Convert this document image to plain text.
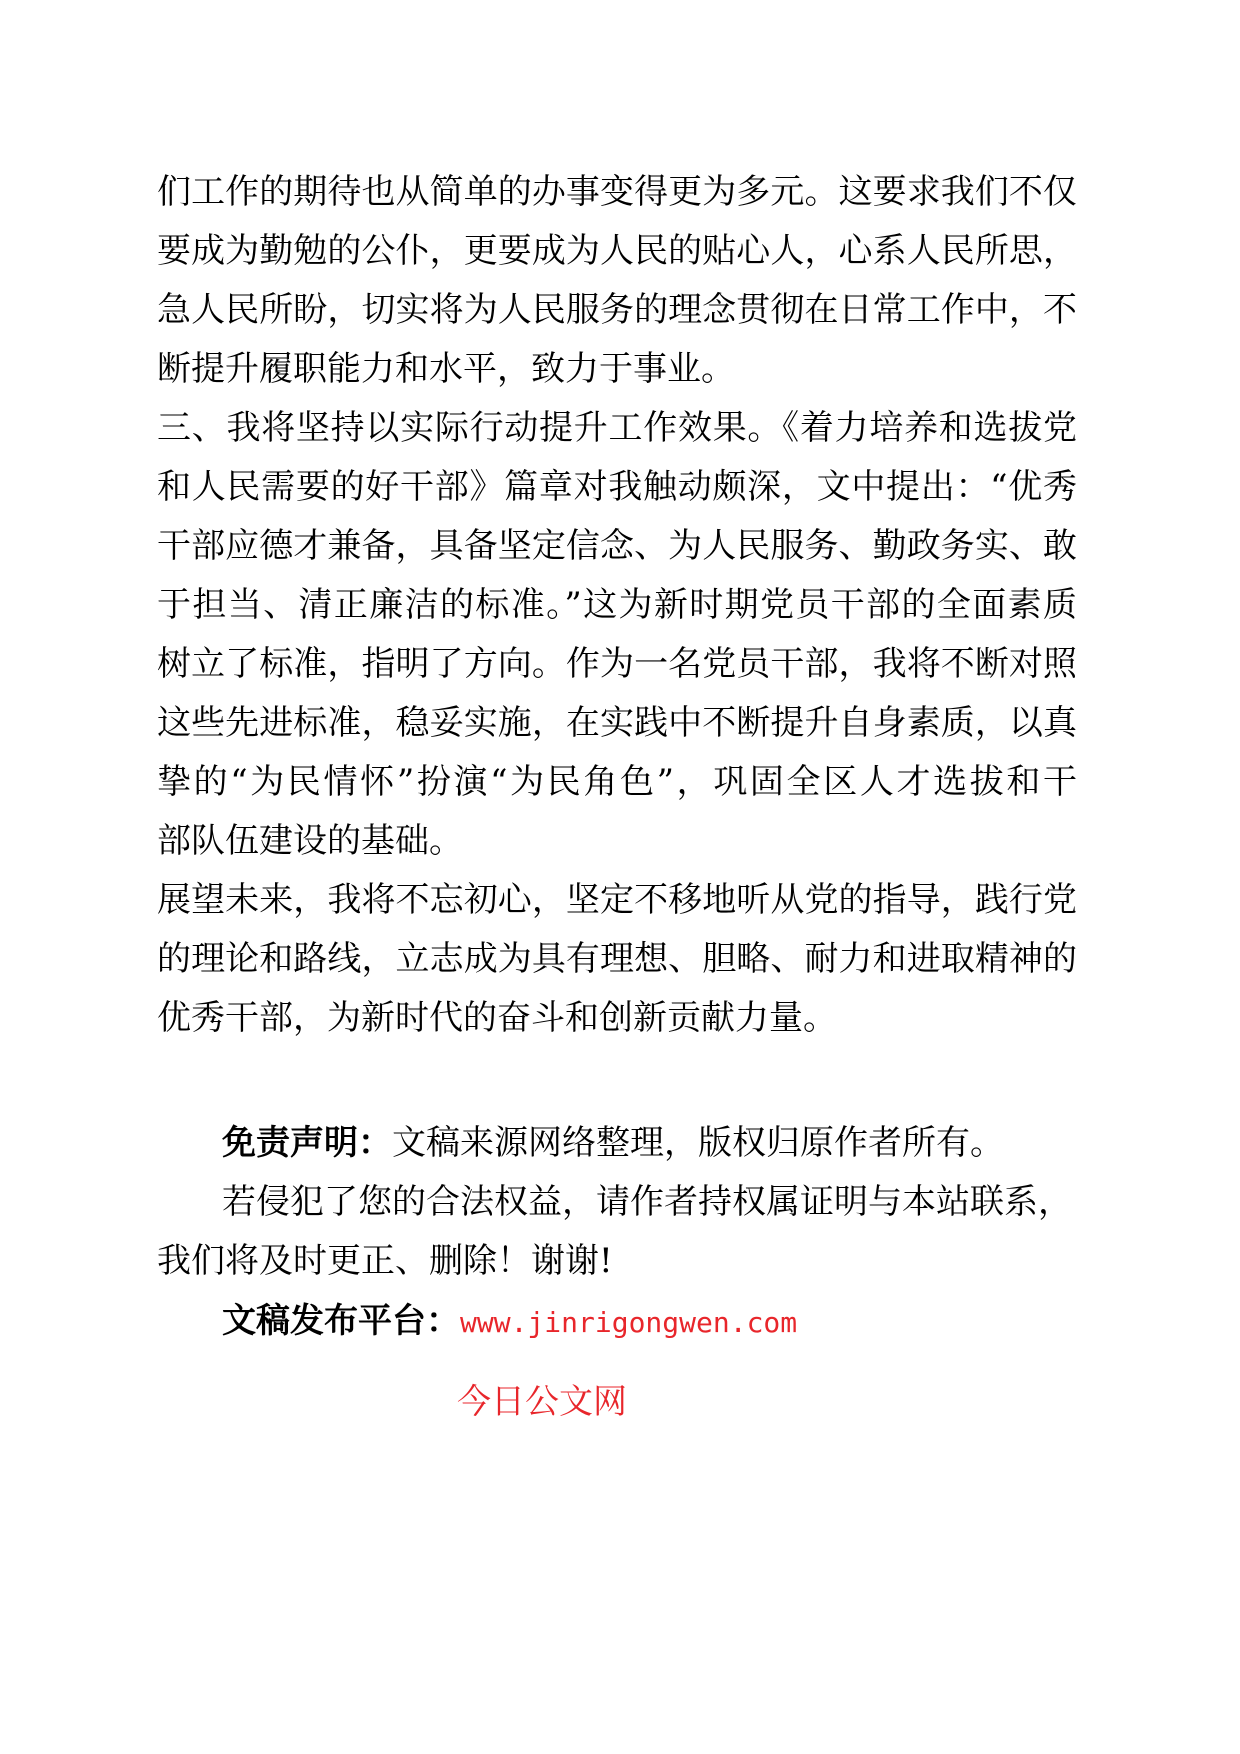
们工作的期待也从简单的办事变得更为多元。这要求我们不仅
要成为勤勉的公仆，更要成为人民的贴心人，心系人民所思，
急人民所盼，切实将为人民服务的理念贯彻在日常工作中，不
断提升履职能力和水平，致力于事业。
三、我将坚持以实际行动提升工作效果。《着力培养和选拔党
和人民需要的好干部》篇章对我触动颇深，文中提出：“优秀
干部应德才兼备，具备坚定信念、为人民服务、勤政务实、敢
于担当、清正廉洁的标准。”这为新时期党员干部的全面素质
树立了标准，指明了方向。作为一名党员干部，我将不断对照
这些先进标准，稳妥实施，在实践中不断提升自身素质，以真
挚的“为民情怀”扮演“为民角色”，巩固全区人才选拔和干
部队伍建设的基础。
展望未来，我将不忘初心，坚定不移地听从党的指导，践行党
的理论和路线，立志成为具有理想、胆略、耐力和进取精神的
优秀干部，为新时代的奋斗和创新贡献力量。
免责声明：文稿来源网络整理，版权归原作者所有。
若侵犯了您的合法权益，请作者持权属证明与本站联系，
我们将及时更正、删除！谢谢!
文稿发布平台：www.jinrigongwen.com
今日公文网
